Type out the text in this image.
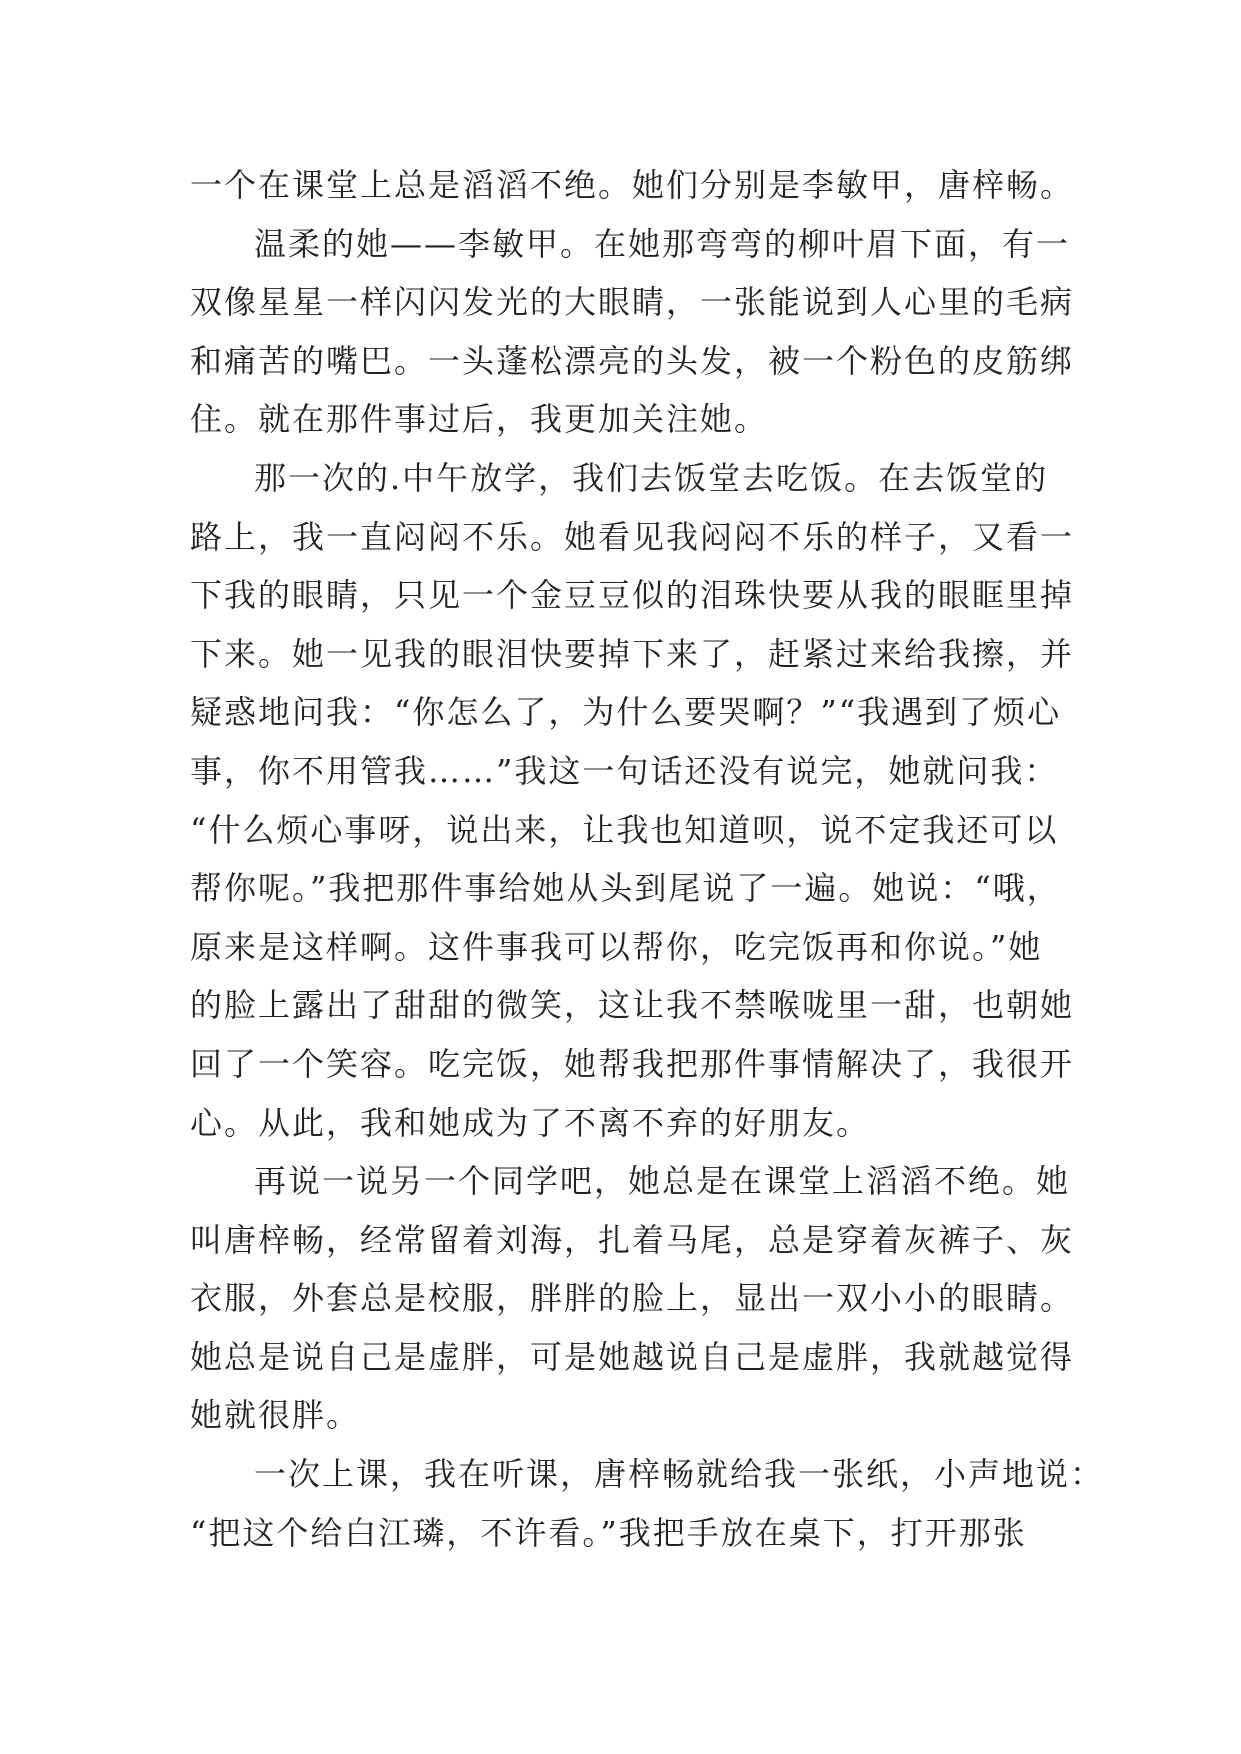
一个在课堂上总是滔滔不绝。她们分别是李敏甲，唐梓畅。
温柔的她——李敏甲。在她那弯弯的柳叶眉下面，有一
双像星星一样闪闪发光的大眼睛，一张能说到人心里的毛病
和痛苦的嘴巴。一头蓬松漂亮的头发，被一个粉色的皮筋绑
住。就在那件事过后，我更加关注她。
那一次的.中午放学，我们去饭堂去吃饭。在去饭堂的
路上，我一直闷闷不乐。她看见我闷闷不乐的样子，又看一
下我的眼睛，只见一个金豆豆似的泪珠快要从我的眼眶里掉
下来。她一见我的眼泪快要掉下来了，赶紧过来给我擦，并
疑惑地问我：“你怎么了，为什么要哭啊？”“我遇到了烦心
事，你不用管我……”我这一句话还没有说完，她就问我：
“什么烦心事呀，说出来，让我也知道呗，说不定我还可以
帮你呢。”我把那件事给她从头到尾说了一遍。她说：“哦，
原来是这样啊。这件事我可以帮你，吃完饭再和你说。”她
的脸上露出了甜甜的微笑，这让我不禁喉咙里一甜，也朝她
回了一个笑容。吃完饭，她帮我把那件事情解决了，我很开
心。从此，我和她成为了不离不弃的好朋友。
再说一说另一个同学吧，她总是在课堂上滔滔不绝。她
叫唐梓畅，经常留着刘海，扎着马尾，总是穿着灰裤子、灰
衣服，外套总是校服，胖胖的脸上，显出一双小小的眼睛。
她总是说自己是虚胖，可是她越说自己是虚胖，我就越觉得
她就很胖。
一次上课，我在听课，唐梓畅就给我一张纸，小声地说：
“把这个给白江璘，不许看。”我把手放在桌下，打开那张
